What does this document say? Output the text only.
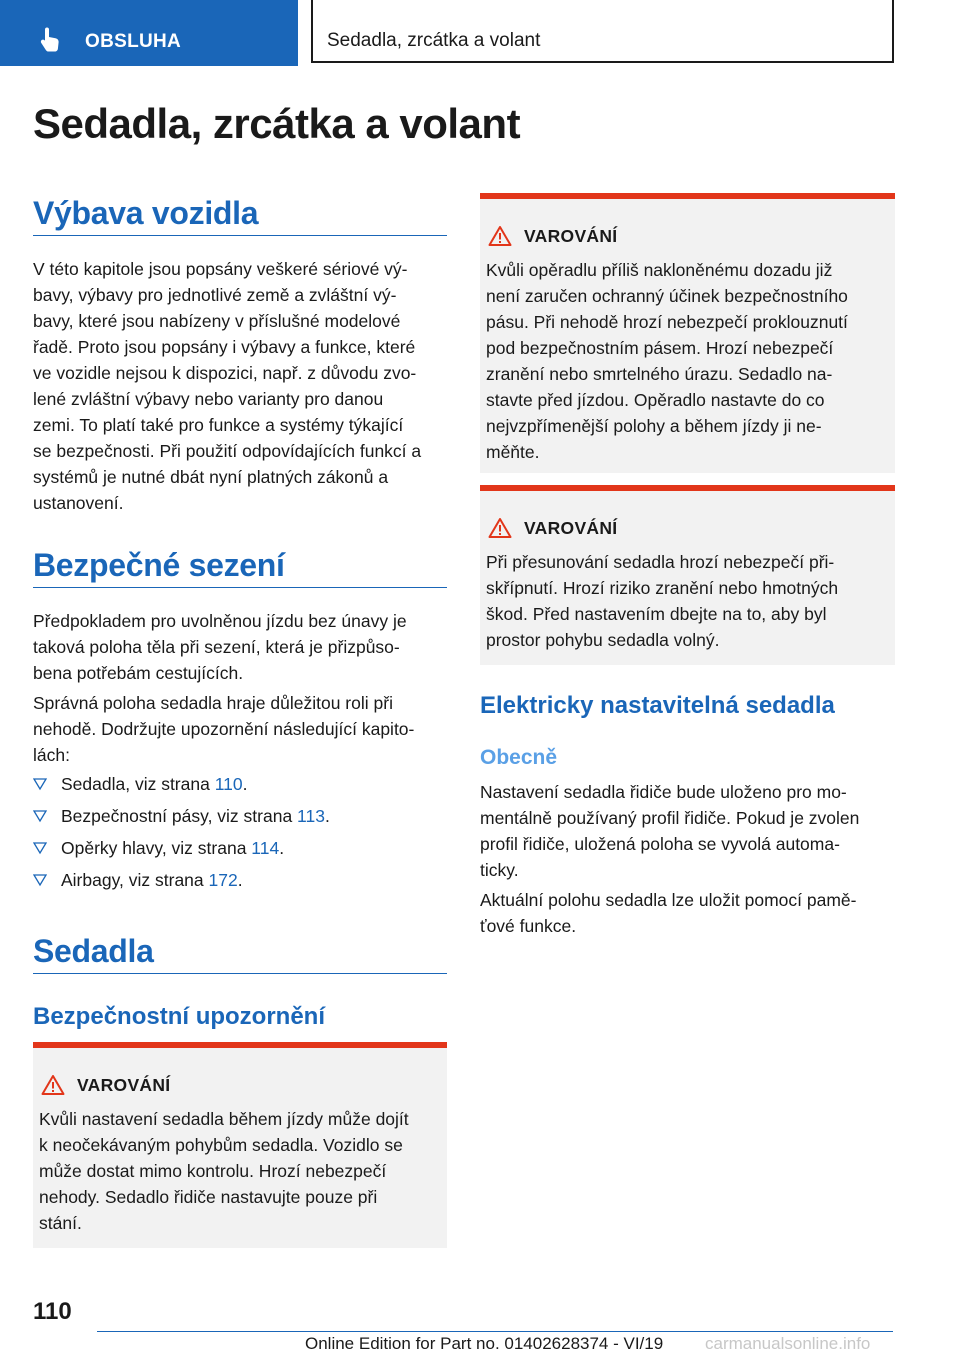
OBSLUHA	Sedadla, zrcátka a volant
Sedadla, zrcátka a volant
Výbava vozidla

V této kapitole jsou popsány veškeré sériové vý‐
bavy, výbavy pro jednotlivé země a zvláštní vý‐
bavy, které jsou nabízeny v příslušné modelové
řadě. Proto jsou popsány i výbavy a funkce, které
ve vozidle nejsou k dispozici, např. z důvodu zvo‐
lené zvláštní výbavy nebo varianty pro danou
zemi. To platí také pro funkce a systémy týkající
se bezpečnosti. Při použití odpovídajících funkcí a
systémů je nutné dbát nyní platných zákonů a
ustanovení.

Bezpečné sezení

Předpokladem pro uvolněnou jízdu bez únavy je
taková poloha těla při sezení, která je přizpůso‐
bena potřebám cestujících.

Správná poloha sedadla hraje důležitou roli při
nehodě. Dodržujte upozornění následující kapito‐
lách:

Sedadla, viz strana 110.
Bezpečnostní pásy, viz strana 113.
Opěrky hlavy, viz strana 114.
Airbagy, viz strana 172.
Sedadla
Bezpečnostní upozornění
VAROVÁNÍ
Kvůli nastavení sedadla během jízdy může dojít
k neočekávaným pohybům sedadla. Vozidlo se
může dostat mimo kontrolu. Hrozí nebezpečí
nehody. Sedadlo řidiče nastavujte pouze při
stání.
VAROVÁNÍ
Kvůli opěradlu příliš nakloněnému dozadu již
není zaručen ochranný účinek bezpečnostního
pásu. Při nehodě hrozí nebezpečí proklouznutí
pod bezpečnostním pásem. Hrozí nebezpečí
zranění nebo smrtelného úrazu. Sedadlo na‐
stavte před jízdou. Opěradlo nastavte do co
nejvzpřímenější polohy a během jízdy ji ne‐
měňte.
VAROVÁNÍ
Při přesunování sedadla hrozí nebezpečí při‐
skřípnutí. Hrozí riziko zranění nebo hmotných
škod. Před nastavením dbejte na to, aby byl
prostor pohybu sedadla volný.
Elektricky nastavitelná sedadla
Obecně

Nastavení sedadla řidiče bude uloženo pro mo‐
mentálně používaný profil řidiče. Pokud je zvolen
profil řidiče, uložená poloha se vyvolá automa‐
ticky.

Aktuální polohu sedadla lze uložit pomocí pamě‐
ťové funkce.

110
Online Edition for Part no. 01402628374 - VI/19 carmanualsonline.info
